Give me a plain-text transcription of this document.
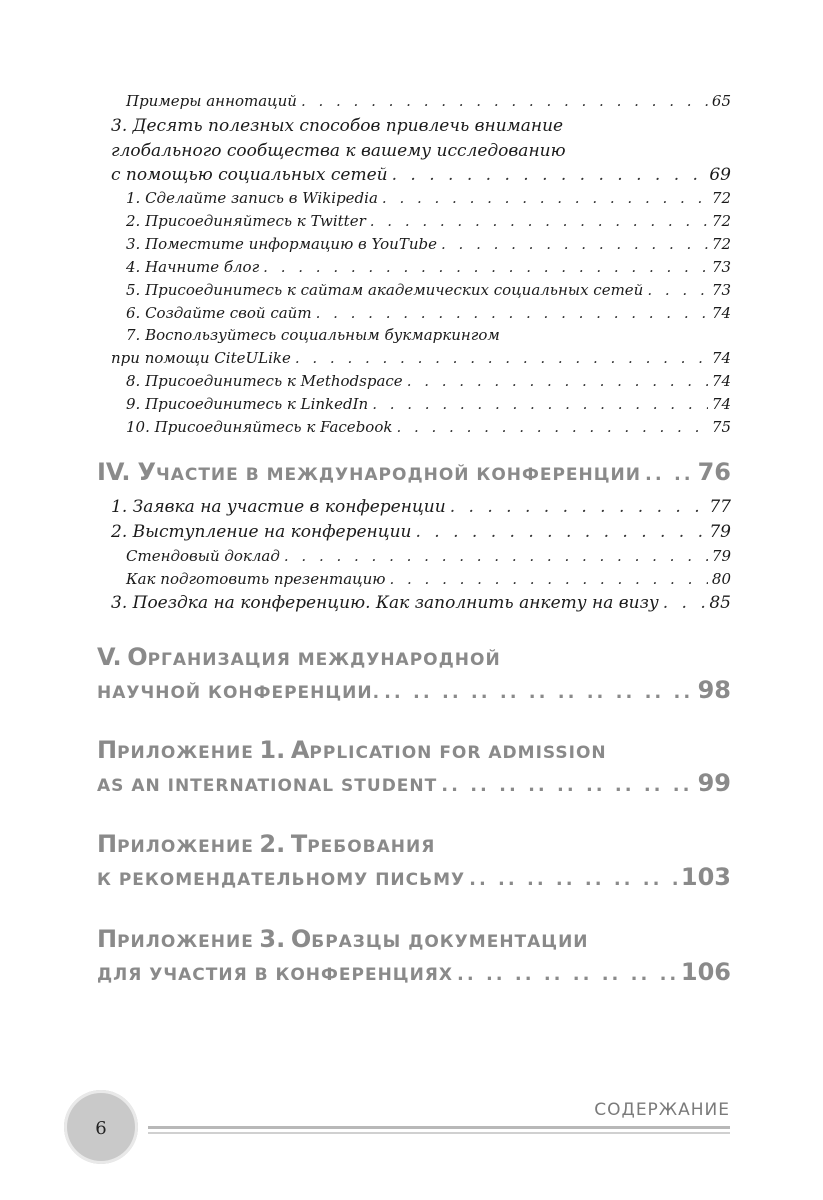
Примеры аннотаций . . .	65
3. Десять полезных способов привлечь внимание
глобального сообщества к вашему исследованию
с помощью социальных сетей . . .	69
1. Сделайте запись в Wikipedia . . .	72
2. Присоединяйтесь к Twitter . . .	72
3. Поместите информацию в YouTube . . .	72
4. Начните блог . . .	73
5. Присоединитесь к сайтам академических социальных сетей . . .	73
6. Создайте свой сайт . . .	74
7. Воспользуйтесь социальным букмаркингом
при помощи CiteULike . . .	74
8. Присоединитесь к Methodspace . . .	74
9. Присоединитесь к LinkedIn . . .	74
10. Присоединяйтесь к Facebook . . .	75
IV. УЧАСТИЕ В МЕЖДУНАРОДНОЙ КОНФЕРЕНЦИИ .. .. 76
1. Заявка на участие в конференции . . .	77
2. Выступление на конференции . . .	79
Стендовый доклад . . .	79
Как подготовить презентацию . . .	80
3. Поездка на конференцию. Как заполнить анкету на визу . . .	85
V. ОРГАНИЗАЦИЯ МЕЖДУНАРОДНОЙ
НАУЧНОЙ КОНФЕРЕНЦИИ. .. ..	98
ПРИЛОЖЕНИЕ 1. APPLICATION FOR ADMISSION
AS AN INTERNATIONAL STUDENT .. ..	99
ПРИЛОЖЕНИЕ 2. ТРЕБОВАНИЯ
К РЕКОМЕНДАТЕЛЬНОМУ ПИСЬМУ .. ..	103
ПРИЛОЖЕНИЕ 3. ОБРАЗЦЫ ДОКУМЕНТАЦИИ
ДЛЯ УЧАСТИЯ В КОНФЕРЕНЦИЯХ .. ..	106
6
СОДЕРЖАНИЕ
